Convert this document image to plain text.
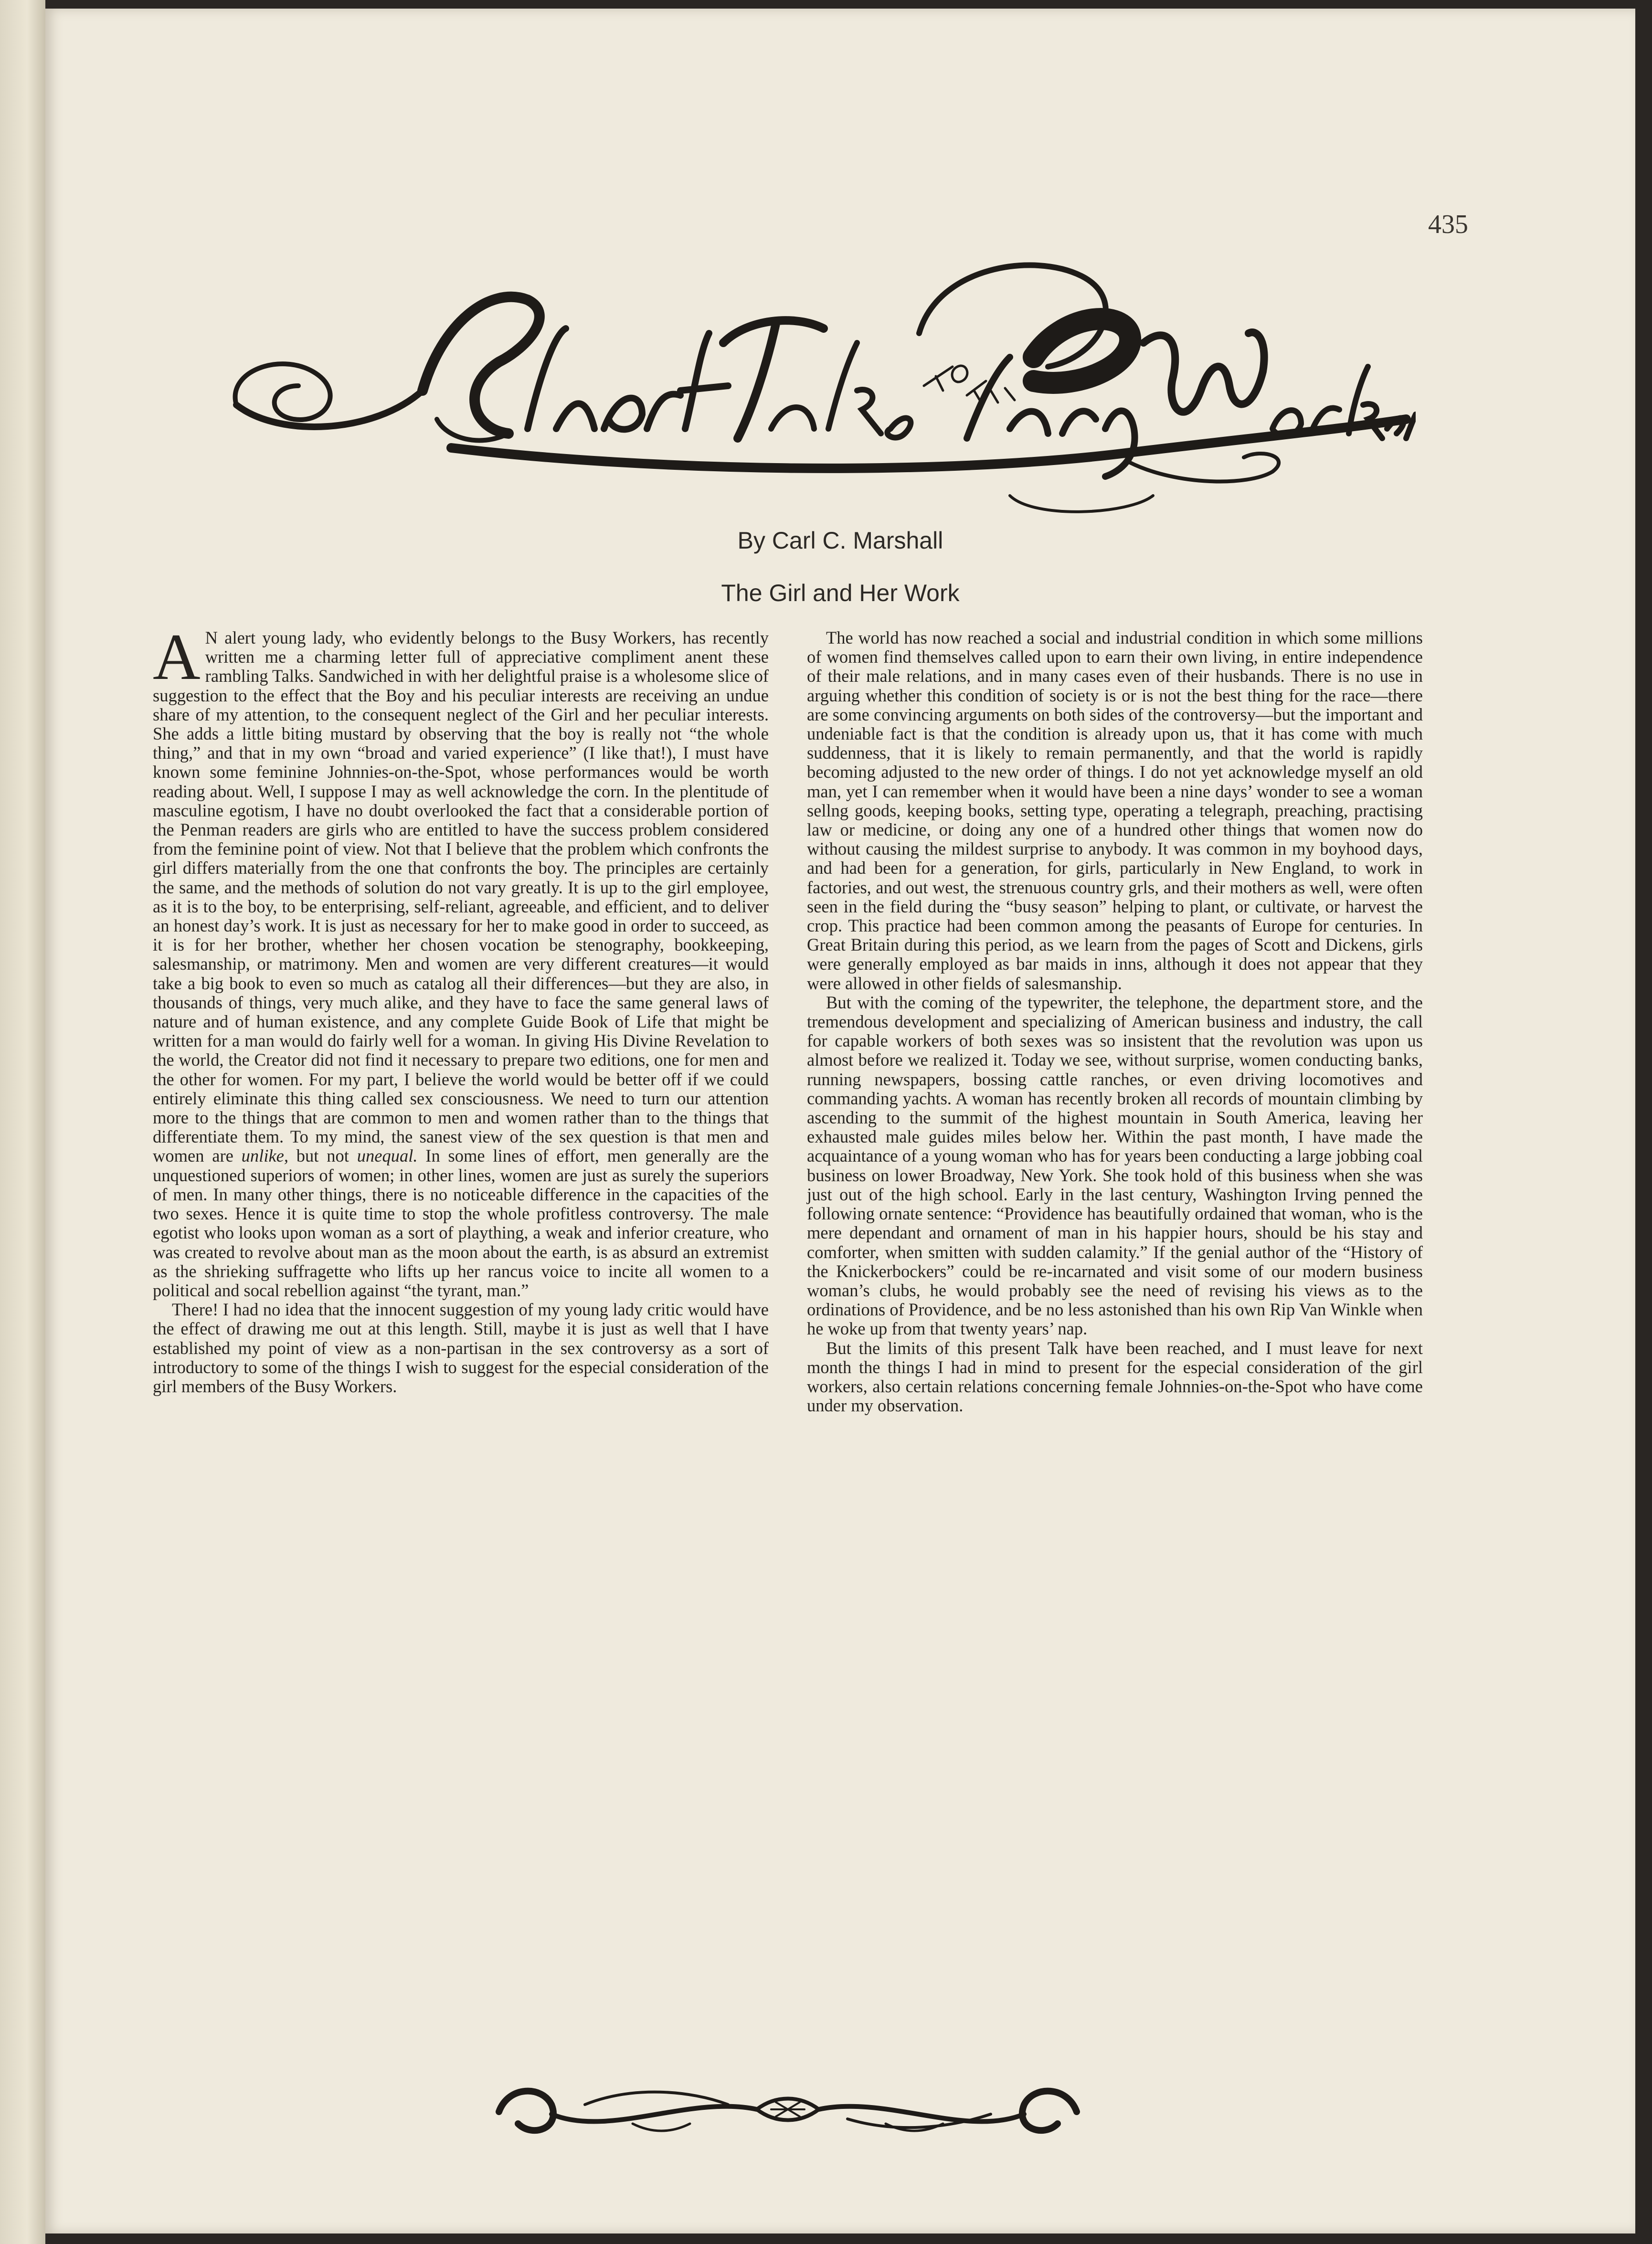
435
By Carl C. Marshall
The Girl and Her Work

A N alert young lady, who evidently belongs to the Busy Workers, has recently written me a charming letter full of appreciative compliment anent these rambling Talks. Sandwiched in with her delightful praise is a wholesome slice of suggestion to the effect that the Boy and his peculiar interests are receiving an undue share of my attention, to the consequent neglect of the Girl and her peculiar interests. She adds a little biting mustard by observing that the boy is really not “the whole thing,” and that in my own “broad and varied experience” (I like that!), I must have known some feminine Johnnies-on-the-Spot, whose performances would be worth reading about. Well, I suppose I may as well acknowledge the corn. In the plentitude of masculine egotism, I have no doubt overlooked the fact that a considerable portion of the Penman readers are girls who are entitled to have the success problem considered from the feminine point of view. Not that I believe that the problem which confronts the girl differs materially from the one that confronts the boy. The principles are certainly the same, and the methods of solution do not vary greatly. It is up to the girl employee, as it is to the boy, to be enterprising, self-reliant, agreeable, and efficient, and to deliver an honest day’s work. It is just as necessary for her to make good in order to succeed, as it is for her brother, whether her chosen vocation be stenography, bookkeeping, salesmanship, or matrimony. Men and women are very different creatures—it would take a big book to even so much as catalog all their differences—but they are also, in thousands of things, very much alike, and they have to face the same general laws of nature and of human existence, and any complete Guide Book of Life that might be written for a man would do fairly well for a woman. In giving His Divine Revelation to the world, the Creator did not find it necessary to prepare two editions, one for men and the other for women. For my part, I believe the world would be better off if we could entirely eliminate this thing called sex consciousness. We need to turn our attention more to the things that are common to men and women rather than to the things that differentiate them. To my mind, the sanest view of the sex question is that men and women are unlike, but not unequal. In some lines of effort, men generally are the unquestioned superiors of women; in other lines, women are just as surely the superiors of men. In many other things, there is no noticeable difference in the capacities of the two sexes. Hence it is quite time to stop the whole profitless controversy. The male egotist who looks upon woman as a sort of plaything, a weak and inferior creature, who was created to revolve about man as the moon about the earth, is as absurd an extremist as the shrieking suffragette who lifts up her rancus voice to incite all women to a political and socal rebellion against “the tyrant, man.”

There! I had no idea that the innocent suggestion of my young lady critic would have the effect of drawing me out at this length. Still, maybe it is just as well that I have established my point of view as a non-partisan in the sex controversy as a sort of introductory to some of the things I wish to suggest for the especial consideration of the girl members of the Busy Workers.

The world has now reached a social and industrial condition in which some millions of women find themselves called upon to earn their own living, in entire independence of their male relations, and in many cases even of their husbands. There is no use in arguing whether this condition of society is or is not the best thing for the race—there are some convincing arguments on both sides of the controversy—but the important and undeniable fact is that the condition is already upon us, that it has come with much suddenness, that it is likely to remain permanently, and that the world is rapidly becoming adjusted to the new order of things. I do not yet acknowledge myself an old man, yet I can remember when it would have been a nine days’ wonder to see a woman sellng goods, keeping books, setting type, operating a telegraph, preaching, practising law or medicine, or doing any one of a hundred other things that women now do without causing the mildest surprise to anybody. It was common in my boyhood days, and had been for a generation, for girls, particularly in New England, to work in factories, and out west, the strenuous country grls, and their mothers as well, were often seen in the field during the “busy season” helping to plant, or cultivate, or harvest the crop. This practice had been common among the peasants of Europe for centuries. In Great Britain during this period, as we learn from the pages of Scott and Dickens, girls were generally employed as bar maids in inns, although it does not appear that they were allowed in other fields of salesmanship.

But with the coming of the typewriter, the telephone, the department store, and the tremendous development and specializing of American business and industry, the call for capable workers of both sexes was so insistent that the revolution was upon us almost before we realized it. Today we see, without surprise, women conducting banks, running newspapers, bossing cattle ranches, or even driving locomotives and commanding yachts. A woman has recently broken all records of mountain climbing by ascending to the summit of the highest mountain in South America, leaving her exhausted male guides miles below her. Within the past month, I have made the acquaintance of a young woman who has for years been conducting a large jobbing coal business on lower Broadway, New York. She took hold of this business when she was just out of the high school. Early in the last century, Washington Irving penned the following ornate sentence: “Providence has beautifully ordained that woman, who is the mere dependant and ornament of man in his happier hours, should be his stay and comforter, when smitten with sudden calamity.” If the genial author of the “History of the Knickerbockers” could be re-incarnated and visit some of our modern business woman’s clubs, he would probably see the need of revising his views as to the ordinations of Providence, and be no less astonished than his own Rip Van Winkle when he woke up from that twenty years’ nap.

But the limits of this present Talk have been reached, and I must leave for next month the things I had in mind to present for the especial consideration of the girl workers, also certain relations concerning female Johnnies-on-the-Spot who have come under my observation.
